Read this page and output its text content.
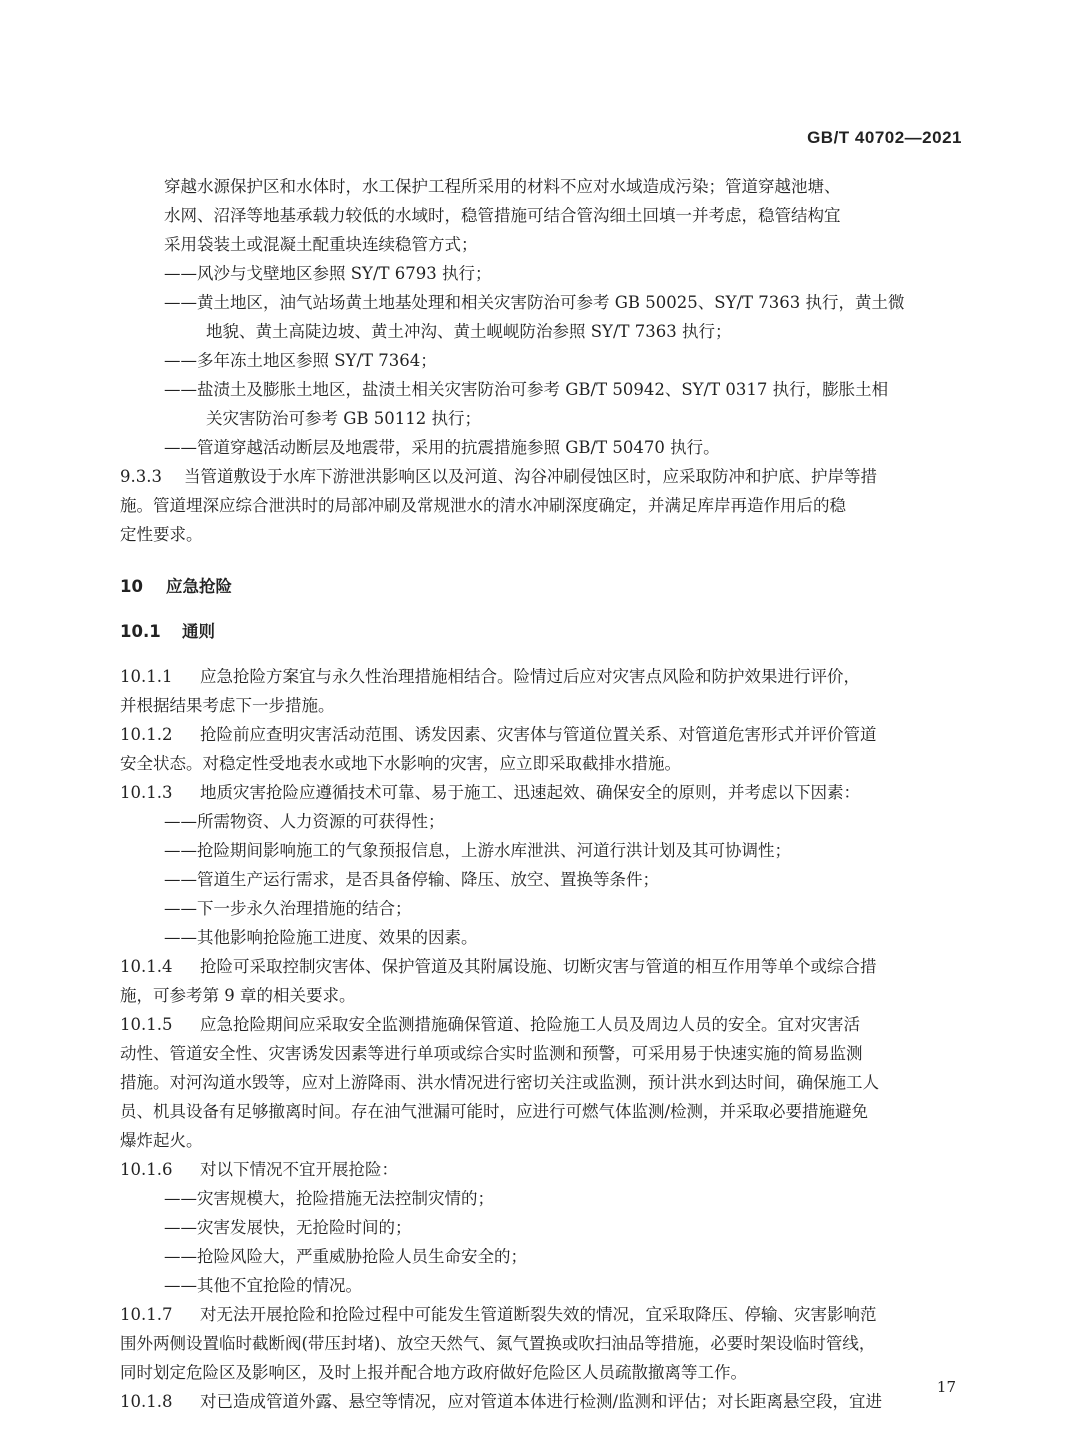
GB/T 40702—2021
穿越水源保护区和水体时，水工保护工程所采用的材料不应对水域造成污染；管道穿越池塘、
水网、沼泽等地基承载力较低的水域时，稳管措施可结合管沟细土回填一并考虑，稳管结构宜
采用袋装土或混凝土配重块连续稳管方式；
——风沙与戈壁地区参照 SY/T 6793 执行；
——黄土地区，油气站场黄土地基处理和相关灾害防治可参考 GB 50025、SY/T 7363 执行，黄土微
地貌、黄土高陡边坡、黄土冲沟、黄土岘岘防治参照 SY/T 7363 执行；
——多年冻土地区参照 SY/T 7364；
——盐渍土及膨胀土地区，盐渍土相关灾害防治可参考 GB/T 50942、SY/T 0317 执行，膨胀土相
关灾害防治可参考 GB 50112 执行；
——管道穿越活动断层及地震带，采用的抗震措施参照 GB/T 50470 执行。
9.3.3 当管道敷设于水库下游泄洪影响区以及河道、沟谷冲刷侵蚀区时，应采取防冲和护底、护岸等措
施。管道埋深应综合泄洪时的局部冲刷及常规泄水的清水冲刷深度确定，并满足库岸再造作用后的稳
定性要求。
10 应急抢险
10.1 通则
10.1.1 应急抢险方案宜与永久性治理措施相结合。险情过后应对灾害点风险和防护效果进行评价，
并根据结果考虑下一步措施。
10.1.2 抢险前应查明灾害活动范围、诱发因素、灾害体与管道位置关系、对管道危害形式并评价管道
安全状态。对稳定性受地表水或地下水影响的灾害，应立即采取截排水措施。
10.1.3 地质灾害抢险应遵循技术可靠、易于施工、迅速起效、确保安全的原则，并考虑以下因素：
——所需物资、人力资源的可获得性；
——抢险期间影响施工的气象预报信息，上游水库泄洪、河道行洪计划及其可协调性；
——管道生产运行需求，是否具备停输、降压、放空、置换等条件；
——下一步永久治理措施的结合；
——其他影响抢险施工进度、效果的因素。
10.1.4 抢险可采取控制灾害体、保护管道及其附属设施、切断灾害与管道的相互作用等单个或综合措
施，可参考第 9 章的相关要求。
10.1.5 应急抢险期间应采取安全监测措施确保管道、抢险施工人员及周边人员的安全。宜对灾害活
动性、管道安全性、灾害诱发因素等进行单项或综合实时监测和预警，可采用易于快速实施的简易监测
措施。对河沟道水毁等，应对上游降雨、洪水情况进行密切关注或监测，预计洪水到达时间，确保施工人
员、机具设备有足够撤离时间。存在油气泄漏可能时，应进行可燃气体监测/检测，并采取必要措施避免
爆炸起火。
10.1.6 对以下情况不宜开展抢险：
——灾害规模大，抢险措施无法控制灾情的；
——灾害发展快，无抢险时间的；
——抢险风险大，严重威胁抢险人员生命安全的；
——其他不宜抢险的情况。
10.1.7 对无法开展抢险和抢险过程中可能发生管道断裂失效的情况，宜采取降压、停输、灾害影响范
围外两侧设置临时截断阀(带压封堵)、放空天然气、氮气置换或吹扫油品等措施，必要时架设临时管线，
同时划定危险区及影响区，及时上报并配合地方政府做好危险区人员疏散撤离等工作。
10.1.8 对已造成管道外露、悬空等情况，应对管道本体进行检测/监测和评估；对长距离悬空段，宜进
17
